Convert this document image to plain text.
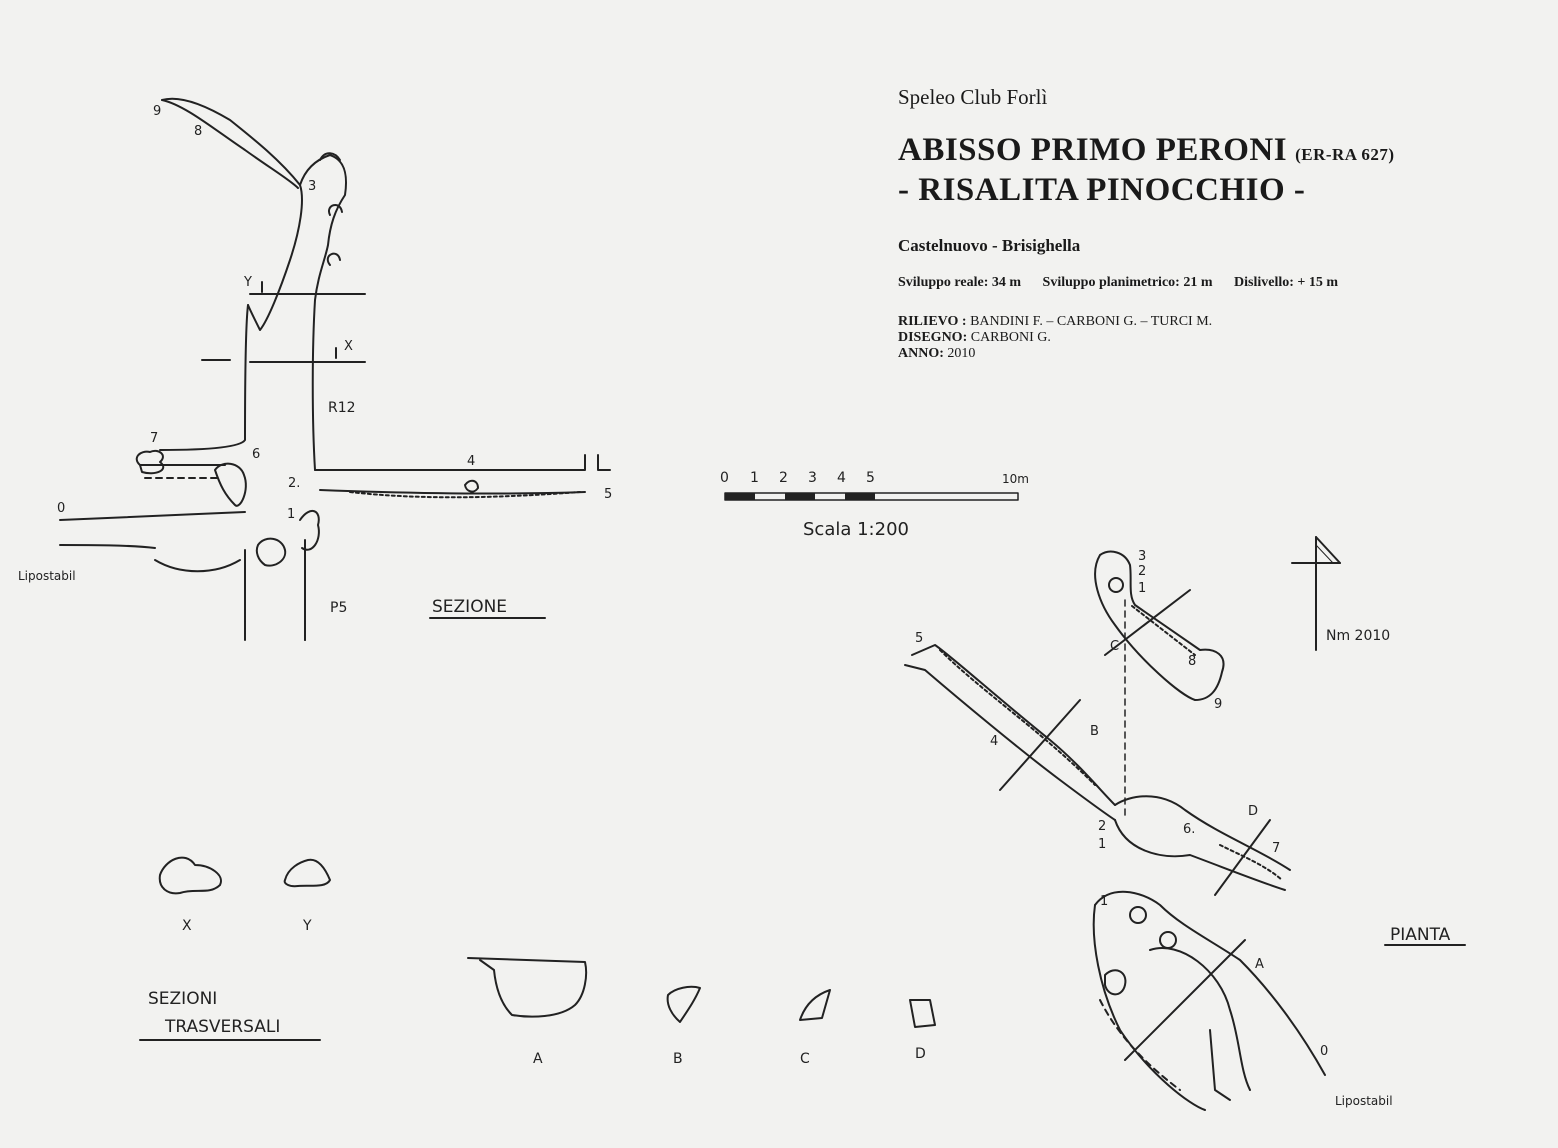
Speleo Club Forlì
ABISSO PRIMO PERONI (ER-RA 627)
- RISALITA PINOCCHIO -
Castelnuovo - Brisighella
Sviluppo reale: 34 m Sviluppo planimetrico: 21 m Dislivello: + 15 m
RILIEVO : BANDINI F. – CARBONI G. – TURCI M.
DISEGNO: CARBONI G.
ANNO: 2010
9
8
3
Y
X
R12
7
6	4
2.
5
0	1
Lipostabil
P5	SEZIONE
0 1 2 3 4 5	10m
Scala 1:200
Nm 2010
3
2
1
8
9
C
5
4
B
2
1
6.
D
7
1
A
0
Lipostabil
PIANTA
X	Y
A	B	C	D
SEZIONI
TRASVERSALI
